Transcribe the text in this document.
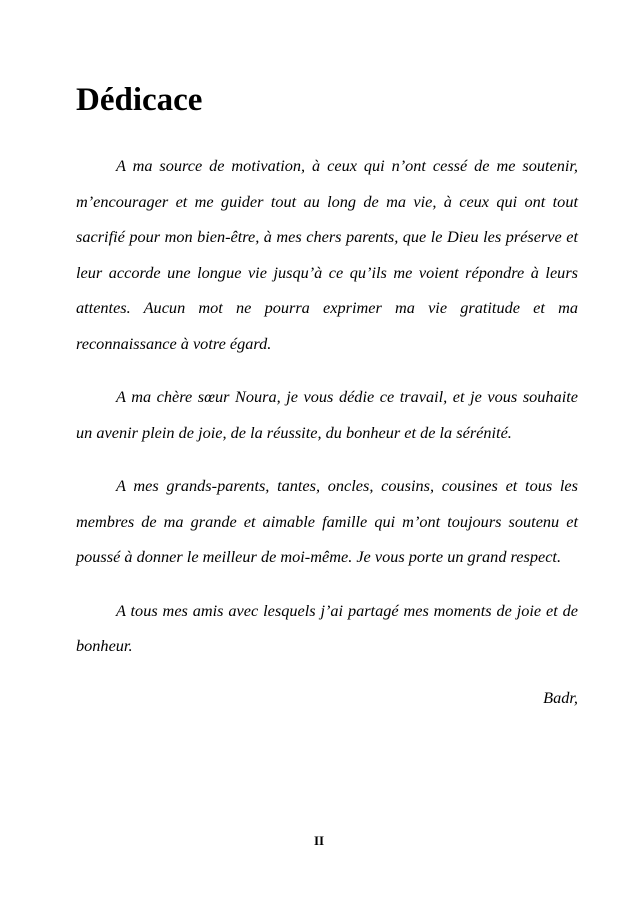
Dédicace

A ma source de motivation, à ceux qui n’ont cessé de me soutenir, m’encourager et me guider tout au long de ma vie, à ceux qui ont tout sacrifié pour mon bien-être, à mes chers parents, que le Dieu les préserve et leur accorde une longue vie jusqu’à ce qu’ils me voient répondre à leurs attentes. Aucun mot ne pourra exprimer ma vie gratitude et ma reconnaissance à votre égard.

A ma chère sœur Noura, je vous dédie ce travail, et je vous souhaite un avenir plein de joie, de la réussite, du bonheur et de la sérénité.

A mes grands-parents, tantes, oncles, cousins, cousines et tous les membres de ma grande et aimable famille qui m’ont toujours soutenu et poussé à donner le meilleur de moi-même. Je vous porte un grand respect.

A tous mes amis avec lesquels j’ai partagé mes moments de joie et de bonheur.

Badr,

II
